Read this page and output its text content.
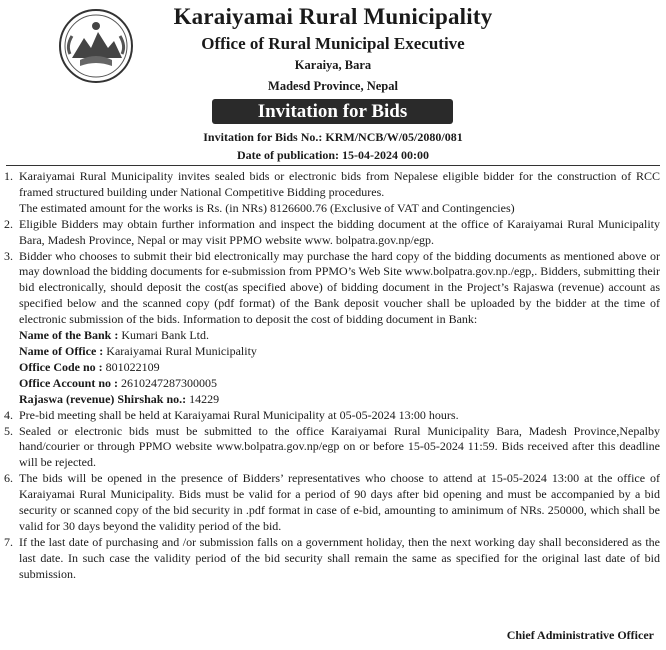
Karaiyamai Rural Municipality
Office of Rural Municipal Executive
Karaiya, Bara
Madesd Province, Nepal
Invitation for Bids
Invitation for Bids No.: KRM/NCB/W/05/2080/081
Date of publication: 15-04-2024 00:00
1. Karaiyamai Rural Municipality invites sealed bids or electronic bids from Nepalese eligible bidder for the construction of RCC framed structured building under National Competitive Bidding procedures.
The estimated amount for the works is Rs. (in NRs) 8126600.76 (Exclusive of VAT and Contingencies)
2. Eligible Bidders may obtain further information and inspect the bidding document at the office of Karaiyamai Rural Municipality Bara, Madesh Province, Nepal or may visit PPMO website www. bolpatra.gov.np/egp.
3. Bidder who chooses to submit their bid electronically may purchase the hard copy of the bidding documents as mentioned above or may download the bidding documents for e-submission from PPMO’s Web Site www.bolpatra.gov.np./egp,. Bidders, submitting their bid electronically, should deposit the cost(as specified above) of bidding document in the Project’s Rajaswa (revenue) account as specified below and the scanned copy (pdf format) of the Bank deposit voucher shall be uploaded by the bidder at the time of electronic submission of the bids. Information to deposit the cost of bidding document in Bank:
Name of the Bank : Kumari Bank Ltd.
Name of Office : Karaiyamai Rural Municipality
Office Code no : 801022109
Office Account no : 2610247287300005
Rajaswa (revenue) Shirshak no.: 14229
4. Pre-bid meeting shall be held at Karaiyamai Rural Municipality at 05-05-2024 13:00 hours.
5. Sealed or electronic bids must be submitted to the office Karaiyamai Rural Municipality Bara, Madesh Province,Nepalby hand/courier or through PPMO website www.bolpatra.gov.np/egp on or before 15-05-2024 11:59. Bids received after this deadline will be rejected.
6. The bids will be opened in the presence of Bidders’ representatives who choose to attend at 15-05-2024 13:00 at the office of Karaiyamai Rural Municipality. Bids must be valid for a period of 90 days after bid opening and must be accompanied by a bid security or scanned copy of the bid security in .pdf format in case of e-bid, amounting to aminimum of NRs. 250000, which shall be valid for 30 days beyond the validity period of the bid.
7. If the last date of purchasing and /or submission falls on a government holiday, then the next working day shall beconsidered as the last date. In such case the validity period of the bid security shall remain the same as specified for the original last date of bid submission.
Chief Administrative Officer
